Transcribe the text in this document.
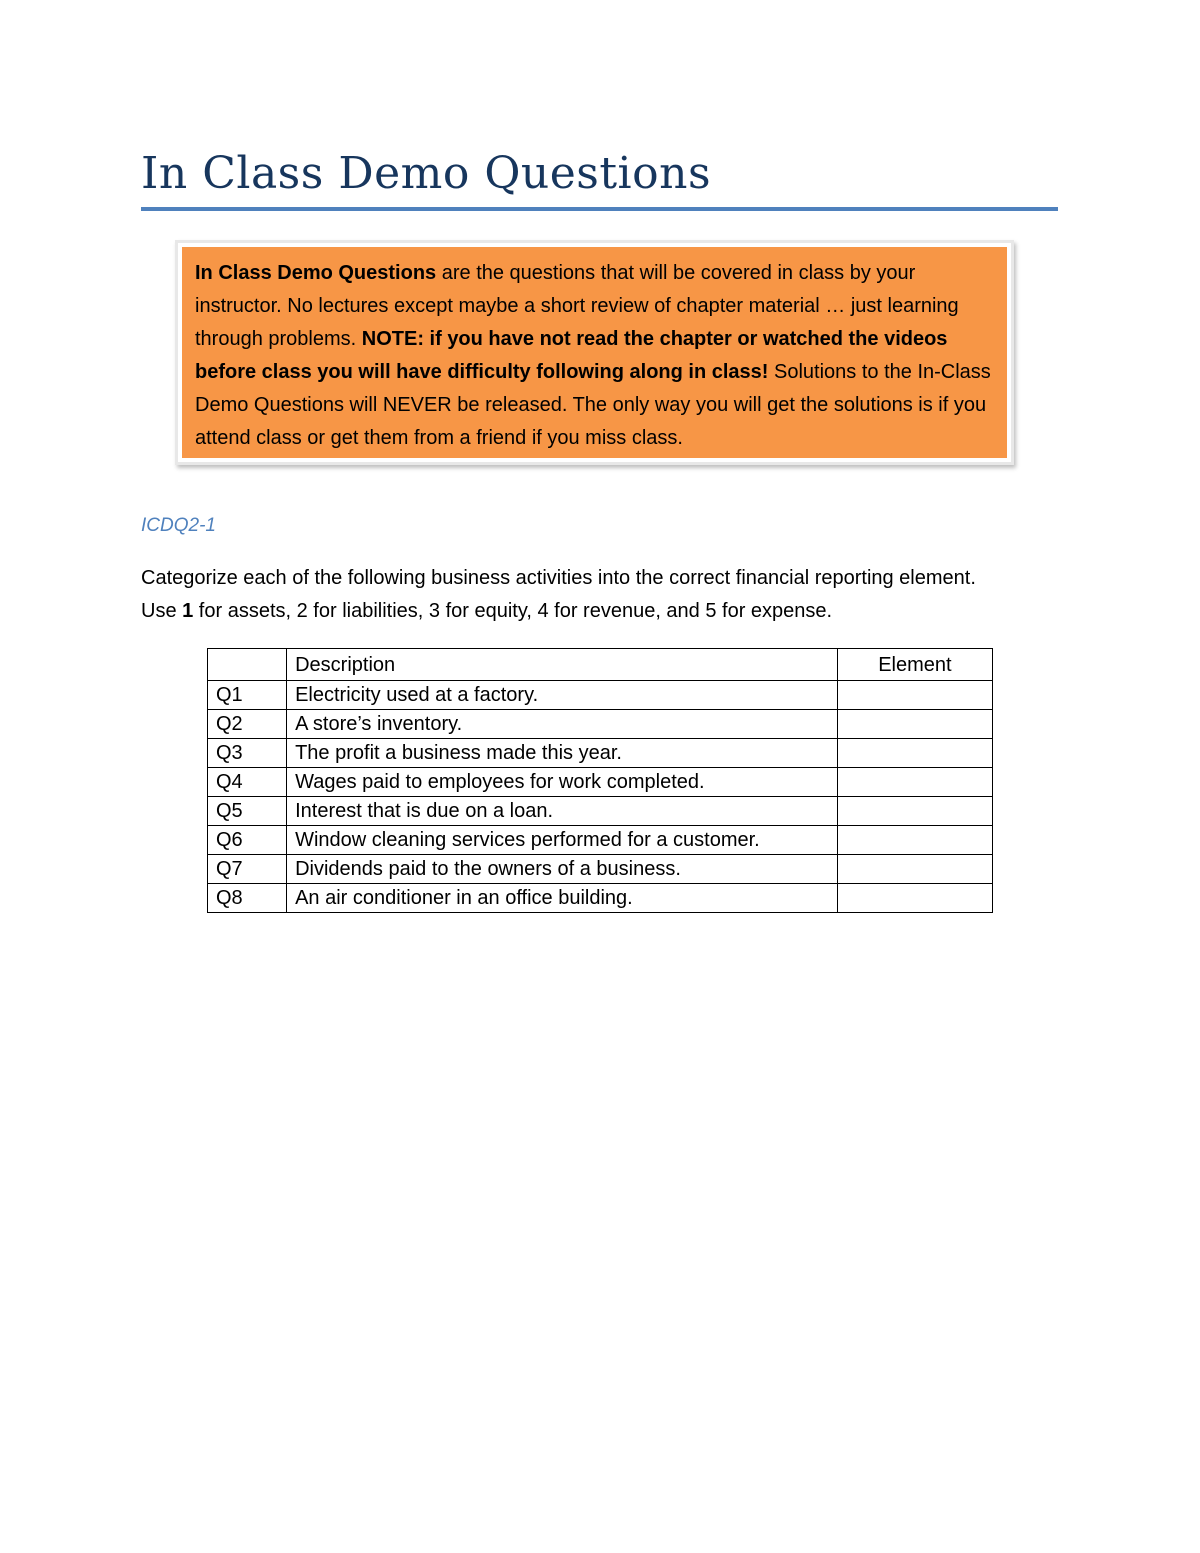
In Class Demo Questions
In Class Demo Questions are the questions that will be covered in class by your instructor. No lectures except maybe a short review of chapter material … just learning through problems. NOTE: if you have not read the chapter or watched the videos before class you will have difficulty following along in class! Solutions to the In-Class Demo Questions will NEVER be released. The only way you will get the solutions is if you attend class or get them from a friend if you miss class.
ICDQ2-1

Categorize each of the following business activities into the correct financial reporting element.

Use 1 for assets, 2 for liabilities, 3 for equity, 4 for revenue, and 5 for expense.

	Description	Element
Q1	Electricity used at a factory.	
Q2	A store’s inventory.	
Q3	The profit a business made this year.	
Q4	Wages paid to employees for work completed.	
Q5	Interest that is due on a loan.	
Q6	Window cleaning services performed for a customer.	
Q7	Dividends paid to the owners of a business.	
Q8	An air conditioner in an office building.	
